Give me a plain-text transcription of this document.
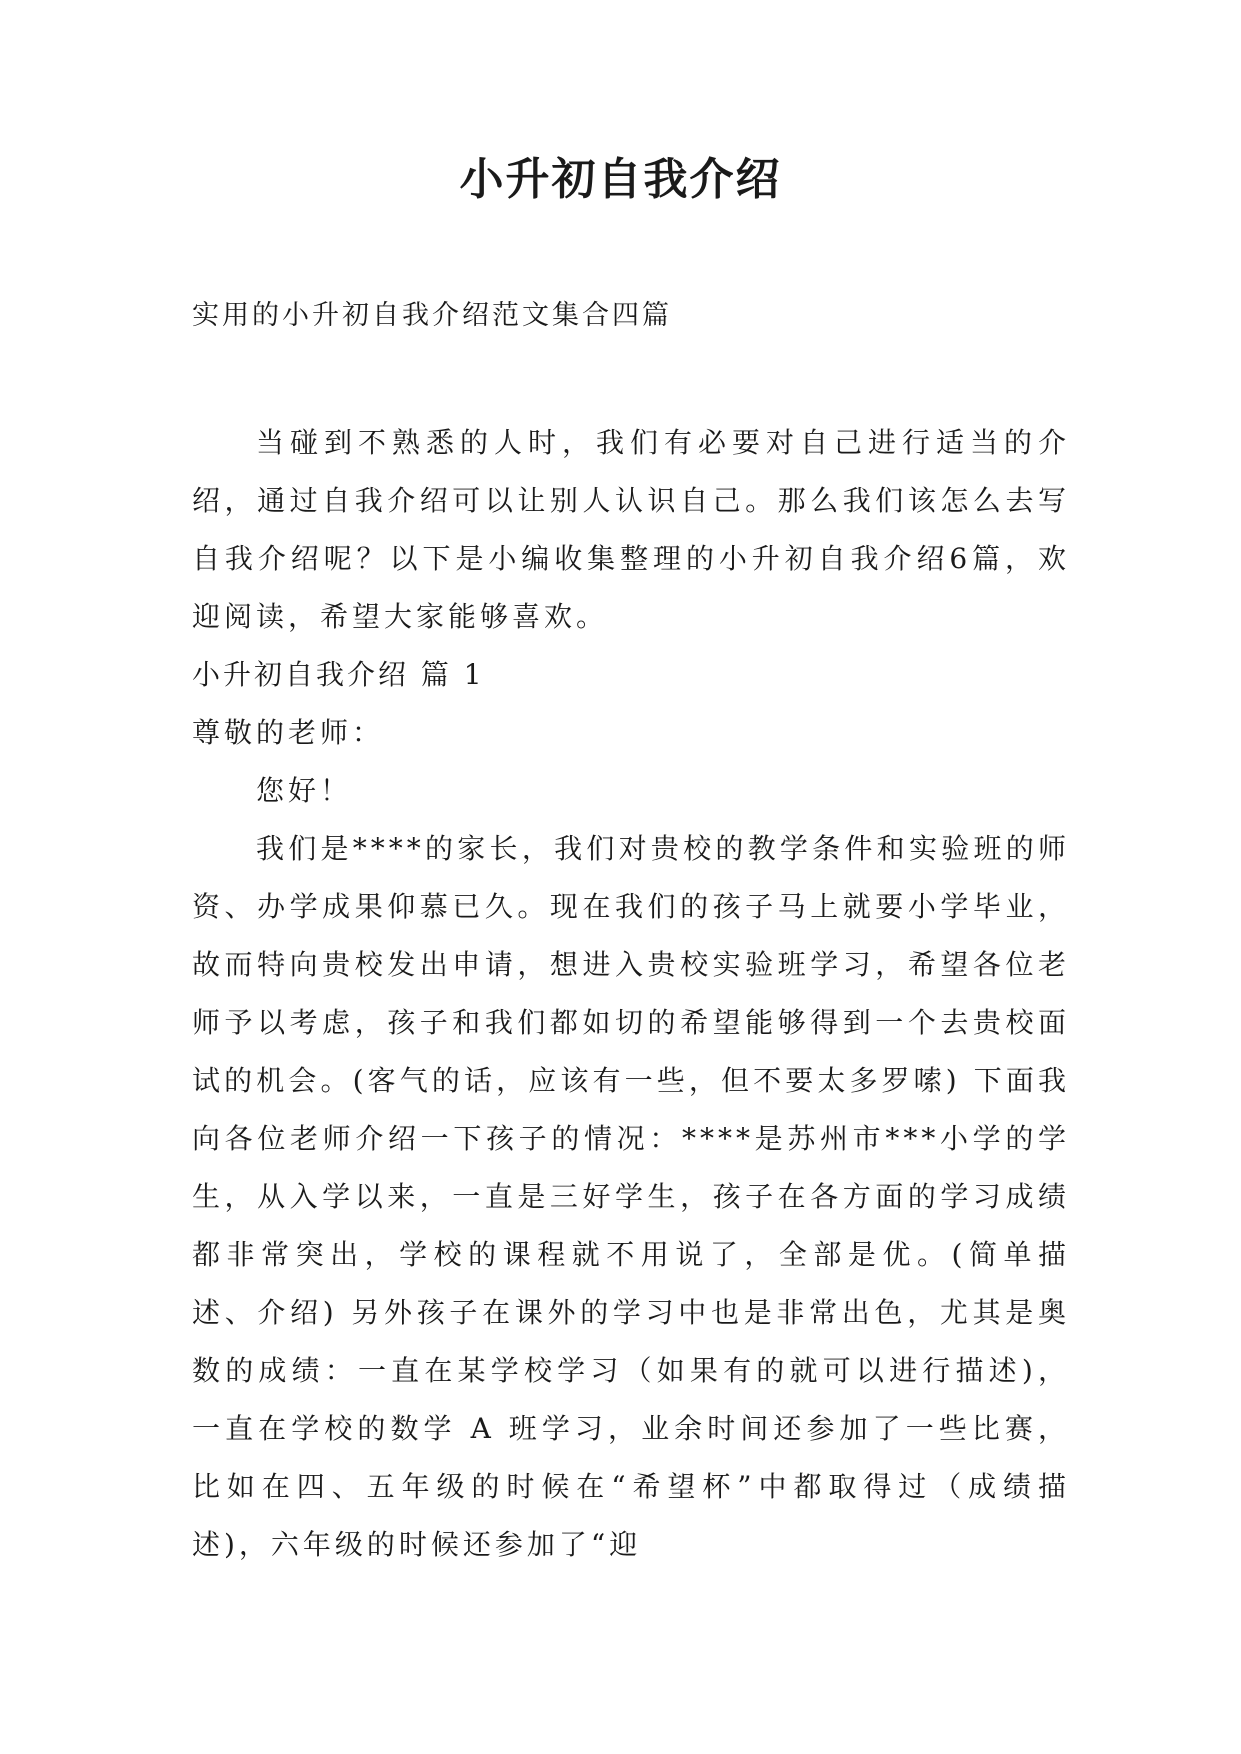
小升初自我介绍

实用的小升初自我介绍范文集合四篇

当碰到不熟悉的人时，我们有必要对自己进行适当的介绍，通过自我介绍可以让别人认识自己。那么我们该怎么去写自我介绍呢？以下是小编收集整理的小升初自我介绍6篇，欢迎阅读，希望大家能够喜欢。

小升初自我介绍 篇 1

尊敬的老师：

您好！

我们是****的家长，我们对贵校的教学条件和实验班的师资、办学成果仰慕已久。现在我们的孩子马上就要小学毕业，故而特向贵校发出申请，想进入贵校实验班学习，希望各位老师予以考虑，孩子和我们都如切的希望能够得到一个去贵校面试的机会。(客气的话，应该有一些，但不要太多罗嗦) 下面我向各位老师介绍一下孩子的情况：****是苏州市***小学的学生，从入学以来，一直是三好学生，孩子在各方面的学习成绩都非常突出，学校的课程就不用说了，全部是优。(简单描述、介绍) 另外孩子在课外的学习中也是非常出色，尤其是奥数的成绩：一直在某学校学习（如果有的就可以进行描述)，一直在学校的数学 A 班学习，业余时间还参加了一些比赛，比如在四、五年级的时候在“希望杯”中都取得过（成绩描述)，六年级的时候还参加了“迎
